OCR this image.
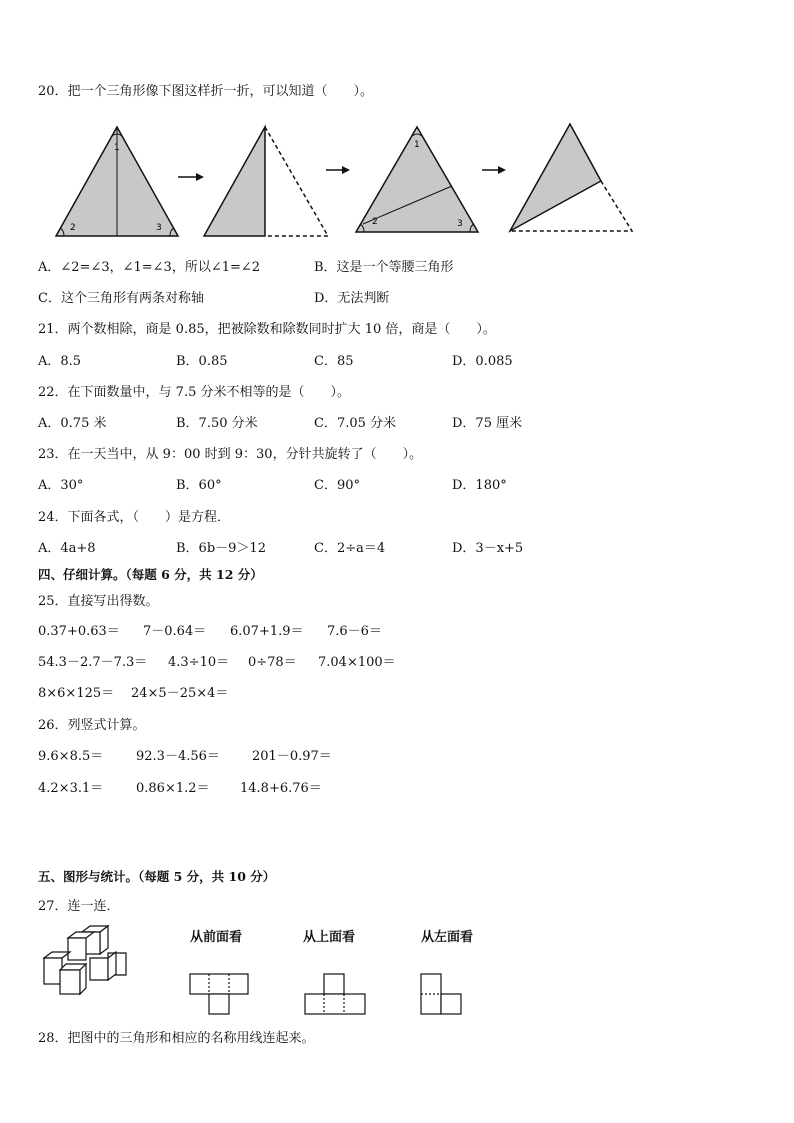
20．把一个三角形像下图这样折一折，可以知道（　　）。
1
2	3
1
2	3
A．∠2=∠3，∠1=∠3，所以∠1=∠2	B．这是一个等腰三角形
C．这个三角形有两条对称轴	D．无法判断
21．两个数相除，商是 0.85，把被除数和除数同时扩大 10 倍，商是（　　）。
A．8.5	B．0.85	C．85	D．0.085
22．在下面数量中，与 7.5 分米不相等的是（　　）。
A．0.75 米	B．7.50 分米	C．7.05 分米	D．75 厘米
23．在一天当中，从 9：00 时到 9：30，分针共旋转了（　　）。
A．30°	B．60°	C．90°	D．180°
24．下面各式，（　　）是方程．
A．4a+8	B．6b－9＞12	C．2÷a＝4	D．3－x+5
四、仔细计算。（每题 6 分，共 12 分）
25．直接写出得数。
0.37+0.63＝ 7－0.64＝ 6.07+1.9＝ 7.6－6＝
54.3－2.7－7.3＝ 4.3÷10＝ 0÷78＝ 7.04×100＝
8×6×125＝ 24×5－25×4＝
26．列竖式计算。
9.6×8.5＝	92.3－4.56＝ 201－0.97＝
4.2×3.1＝	0.86×1.2＝ 14.8+6.76＝
五、图形与统计。（每题 5 分，共 10 分）
27．连一连．
从前面看	从上面看	从左面看
28．把图中的三角形和相应的名称用线连起来。
